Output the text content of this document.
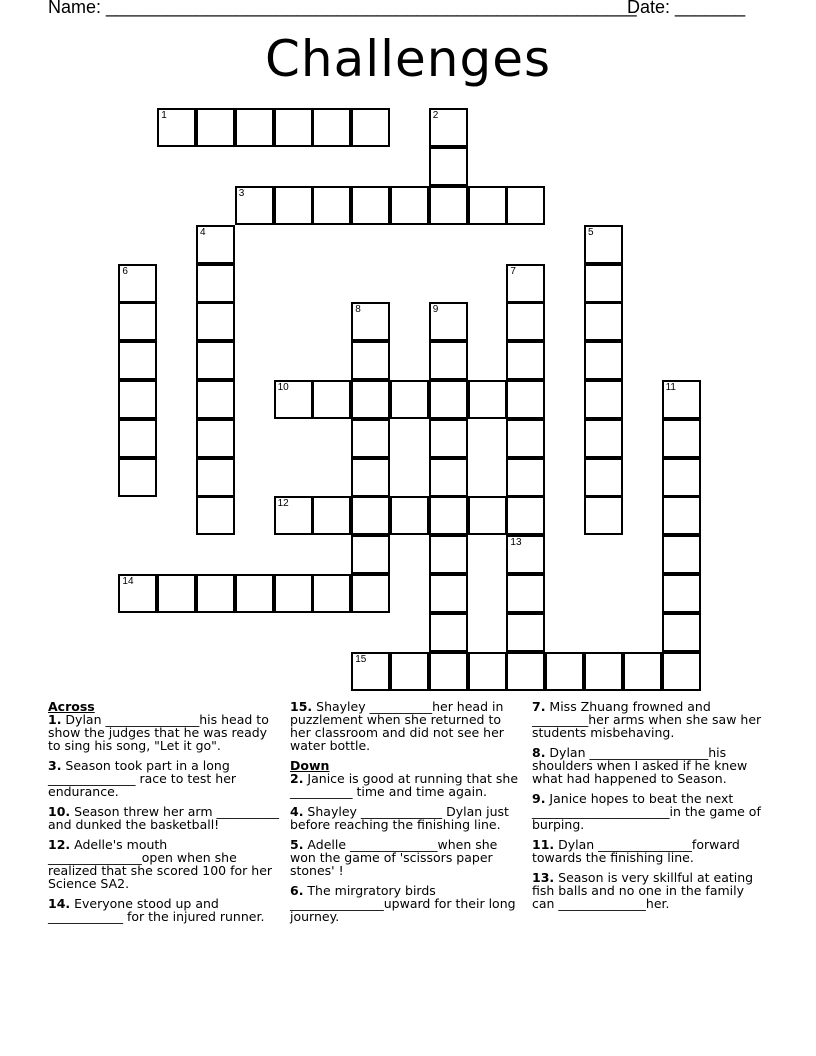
Name: _____________________________________________________
Date: _______
Challenges
1	2
3
4	5
6	7
8	9
10	11
12
13
14
15
Across
1. Dylan _______________his head to show the judges that he was ready to sing his song, "Let it go".
3. Season took part in a long ______________ race to test her endurance.
10. Season threw her arm __________ and dunked the basketball!
12. Adelle's mouth _______________open when she realized that she scored 100 for her Science SA2.
14. Everyone stood up and ____________ for the injured runner.
15. Shayley __________her head in puzzlement when she returned to her classroom and did not see her water bottle.
Down
2. Janice is good at running that she __________ time and time again.
4. Shayley _____________ Dylan just before reaching the finishing line.
5. Adelle ______________when she won the game of 'scissors paper stones' !
6. The mirgratory birds _______________upward for their long journey.
7. Miss Zhuang frowned and _________her arms when she saw her students misbehaving.
8. Dylan ___________________his shoulders when I asked if he knew what had happened to Season.
9. Janice hopes to beat the next ______________________in the game of burping.
11. Dylan _______________forward towards the finishing line.
13. Season is very skillful at eating fish balls and no one in the family can ______________her.
